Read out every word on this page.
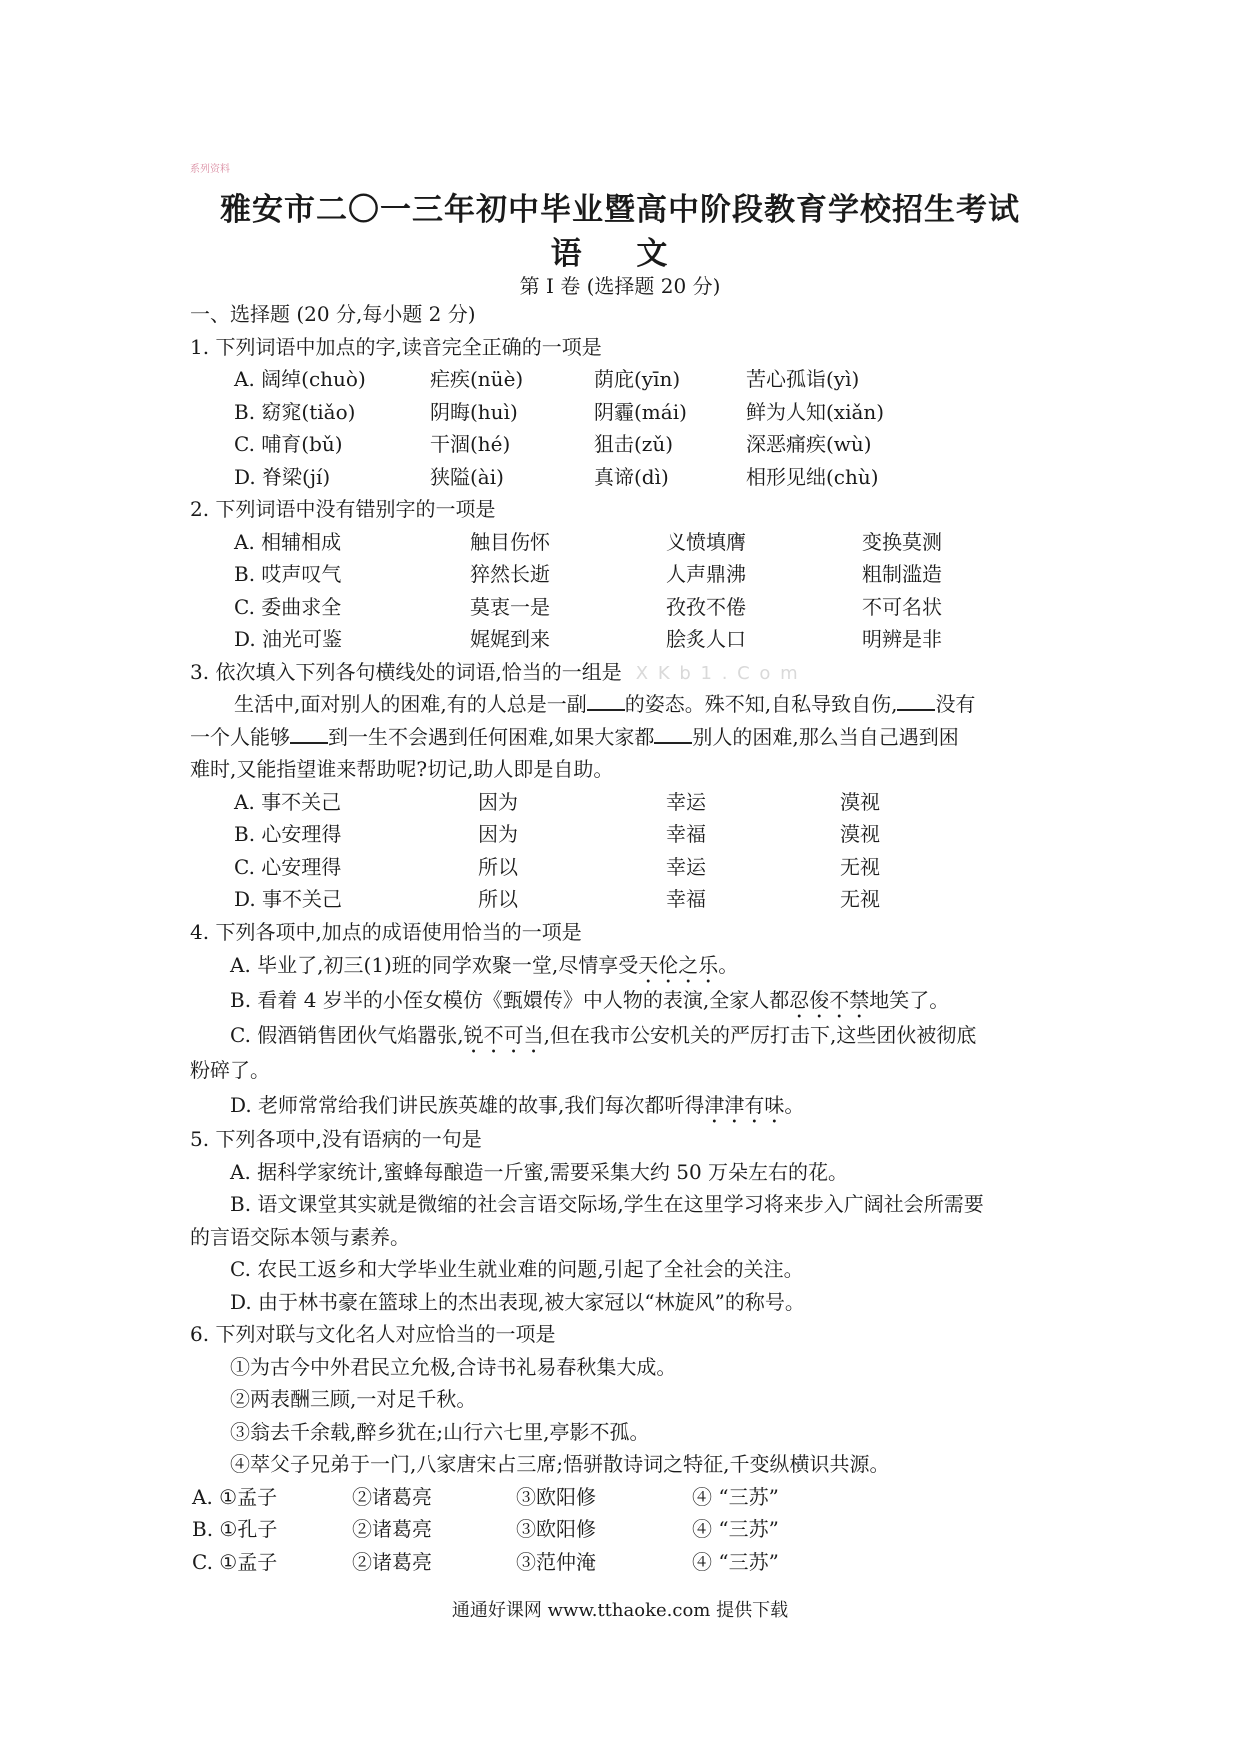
系列资料
雅安市二〇一三年初中毕业暨高中阶段教育学校招生考试
语 文
第 I 卷 (选择题 20 分)
一、选择题 (20 分,每小题 2 分)
1. 下列词语中加点的字,读音完全正确的一项是
A. 阔绰(chuò)	疟疾(nüè)	荫庇(yīn)	苦心孤诣(yì)
B. 窈窕(tiǎo)	阴晦(huì)	阴霾(mái)	鲜为人知(xiǎn)
C. 哺育(bǔ)	干涸(hé)	狙击(zǔ)	深恶痛疾(wù)
D. 脊梁(jí)	狭隘(ài)	真谛(dì)	相形见绌(chù)
2. 下列词语中没有错别字的一项是
A. 相辅相成	触目伤怀	义愤填膺	变换莫测
B. 哎声叹气	猝然长逝	人声鼎沸	粗制滥造
C. 委曲求全	莫衷一是	孜孜不倦	不可名状
D. 油光可鉴	娓娓到来	脍炙人口	明辨是非
3. 依次填入下列各句横线处的词语,恰当的一组是 X K b 1 . C o m
生活中,面对别人的困难,有的人总是一副 的姿态。殊不知,自私导致自伤, 没有
一个人能够 到一生不会遇到任何困难,如果大家都 别人的困难,那么当自己遇到困
难时,又能指望谁来帮助呢?切记,助人即是自助。
A. 事不关己	因为	幸运	漠视
B. 心安理得	因为	幸福	漠视
C. 心安理得	所以	幸运	无视
D. 事不关己	所以	幸福	无视
4. 下列各项中,加点的成语使用恰当的一项是
A. 毕业了,初三(1)班的同学欢聚一堂,尽情享受天伦之乐。
B. 看着 4 岁半的小侄女模仿《甄嬛传》中人物的表演,全家人都忍俊不禁地笑了。
C. 假酒销售团伙气焰嚣张,锐不可当,但在我市公安机关的严厉打击下,这些团伙被彻底
粉碎了。
D. 老师常常给我们讲民族英雄的故事,我们每次都听得津津有味。
5. 下列各项中,没有语病的一句是
A. 据科学家统计,蜜蜂每酿造一斤蜜,需要采集大约 50 万朵左右的花。
B. 语文课堂其实就是微缩的社会言语交际场,学生在这里学习将来步入广阔社会所需要
的言语交际本领与素养。
C. 农民工返乡和大学毕业生就业难的问题,引起了全社会的关注。
D. 由于林书豪在篮球上的杰出表现,被大家冠以“林旋风”的称号。
6. 下列对联与文化名人对应恰当的一项是
①为古今中外君民立允极,合诗书礼易春秋集大成。
②两表酬三顾,一对足千秋。
③翁去千余载,醉乡犹在;山行六七里,亭影不孤。
④萃父子兄弟于一门,八家唐宋占三席;悟骈散诗词之特征,千变纵横识共源。
A. ①孟子	②诸葛亮	③欧阳修	④ “三苏”
B. ①孔子	②诸葛亮	③欧阳修	④ “三苏”
C. ①孟子	②诸葛亮	③范仲淹	④ “三苏”
通通好课网 www.tthaoke.com 提供下载
